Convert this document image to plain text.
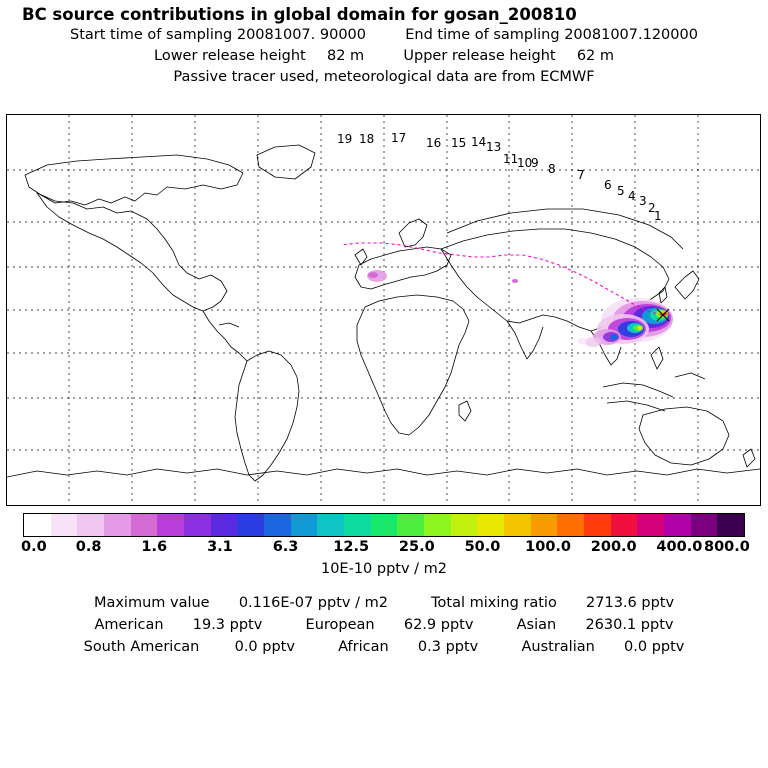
BC source contributions in global domain for gosan_200810
Start time of sampling 20081007. 90000	End time of sampling 20081007.120000
Lower release height 82 m	Upper release height 62 m
Passive tracer used, meteorological data are from ECMWF
19 18 17 16 15 14 13
11
10
9 8 7
6 5 4 3 2
1
0.0 0.8	1.6	3.1	6.3 12.5 25.0 50.0 100.0 200.0 400.0 800.0
10E-10 pptv / m2
Maximum value 0.116E-07 pptv / m2	Total mixing ratio 2713.6 pptv
American 19.3 pptv	European 62.9 pptv	Asian 2630.1 pptv
South American 0.0 pptv	African 0.3 pptv	Australian 0.0 pptv
